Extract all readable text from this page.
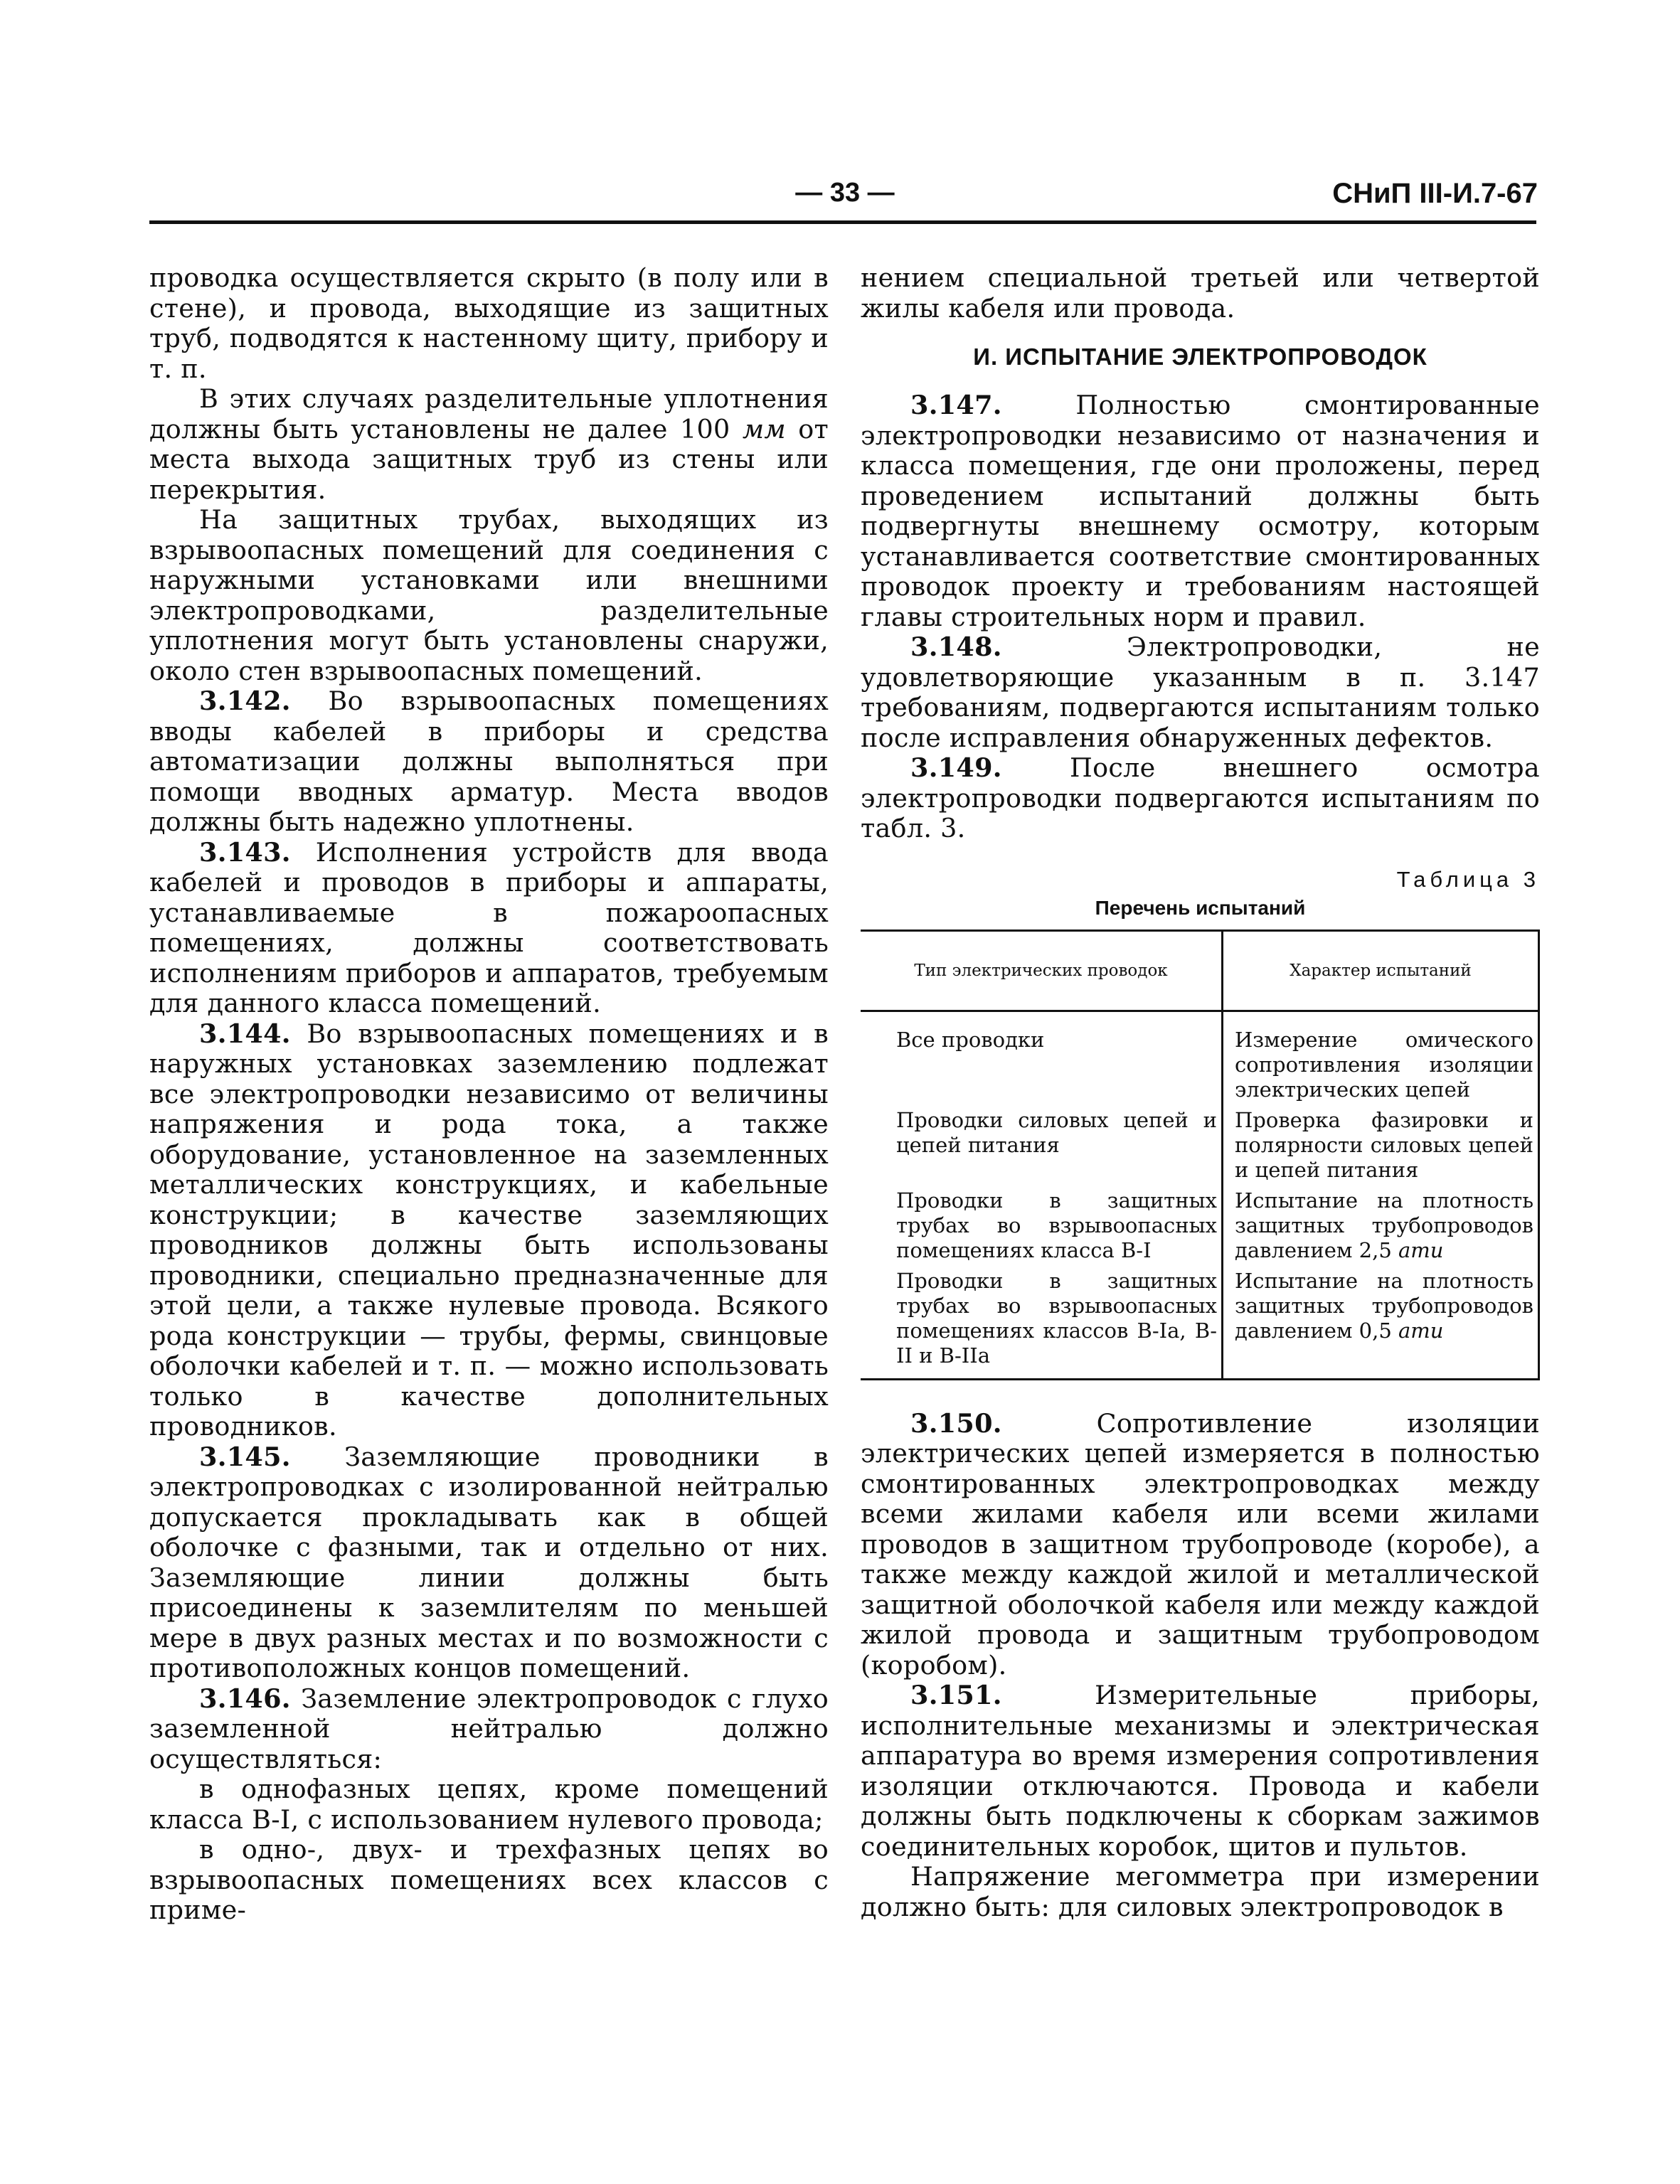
— 33 —	СНиП III-И.7-67

проводка осуществляется скрыто (в полу или в стене), и провода, выходящие из защитных труб, подводятся к настенному щиту, прибору и т. п.

В этих случаях разделительные уплотнения должны быть установлены не далее 100 мм от места выхода защитных труб из стены или перекрытия.

На защитных трубах, выходящих из взрывоопасных помещений для соединения с наружными установками или внешними электропроводками, разделительные уплотнения могут быть установлены снаружи, около стен взрывоопасных помещений.

3.142. Во взрывоопасных помещениях вводы кабелей в приборы и средства автоматизации должны выполняться при помощи вводных арматур. Места вводов должны быть надежно уплотнены.

3.143. Исполнения устройств для ввода кабелей и проводов в приборы и аппараты, устанавливаемые в пожароопасных помещениях, должны соответствовать исполнениям приборов и аппаратов, требуемым для данного класса помещений.

3.144. Во взрывоопасных помещениях и в наружных установках заземлению подлежат все электропроводки независимо от величины напряжения и рода тока, а также оборудование, установленное на заземленных металлических конструкциях, и кабельные конструкции; в качестве заземляющих проводников должны быть использованы проводники, специально предназначенные для этой цели, а также нулевые провода. Всякого рода конструкции — трубы, фермы, свинцовые оболочки кабелей и т. п. — можно использовать только в качестве дополнительных проводников.

3.145. Заземляющие проводники в электропроводках с изолированной нейтралью допускается прокладывать как в общей оболочке с фазными, так и отдельно от них. Заземляющие линии должны быть присоединены к заземлителям по меньшей мере в двух разных местах и по возможности с противоположных концов помещений.

3.146. Заземление электропроводок с глухо заземленной нейтралью должно осуществляться:

в однофазных цепях, кроме помещений класса В-I, с использованием нулевого провода;

в одно-, двух- и трехфазных цепях во взрывоопасных помещениях всех классов с приме-

нением специальной третьей или четвертой жилы кабеля или провода.

И. ИСПЫТАНИЕ ЭЛЕКТРОПРОВОДОК

3.147.	Полностью смонтированные электропроводки независимо от назначения и класса помещения, где они проложены, перед проведением испытаний должны быть подвергнуты внешнему осмотру, которым устанавливается соответствие смонтированных проводок проекту и требованиям настоящей главы строительных норм и правил.

3.148.	Электропроводки, не удовлетворяющие указанным в п. 3.147 требованиям, подвергаются испытаниям только после исправления обнаруженных дефектов.

3.149.	После внешнего осмотра электропроводки подвергаются испытаниям по табл. 3.

Таблица 3
Перечень испытаний
Тип электрических проводок	Характер испытаний
Все проводки	Измерение омического сопротивления изоляции электрических цепей
Проводки силовых цепей и цепей питания	Проверка фазировки и полярности силовых цепей и цепей питания
Проводки в защитных трубах во взрывоопасных помещениях класса В-I	Испытание на плотность защитных трубопроводов давлением 2,5 ати
Проводки в защитных трубах во взрывоопасных помещениях классов В-Iа, В-II и В-IIа	Испытание на плотность защитных трубопроводов давлением 0,5 ати

3.150.	Сопротивление изоляции электрических цепей измеряется в полностью смонтированных электропроводках между всеми жилами кабеля или всеми жилами проводов в защитном трубопроводе (коробе), а также между каждой жилой и металлической защитной оболочкой кабеля или между каждой жилой провода и защитным трубопроводом (коробом).

3.151.	Измерительные приборы, исполнительные механизмы и электрическая аппаратура во время измерения сопротивления изоляции отключаются. Провода и кабели должны быть подключены к сборкам зажимов соединительных коробок, щитов и пультов.

Напряжение мегомметра при измерении должно быть: для силовых электропроводок в
